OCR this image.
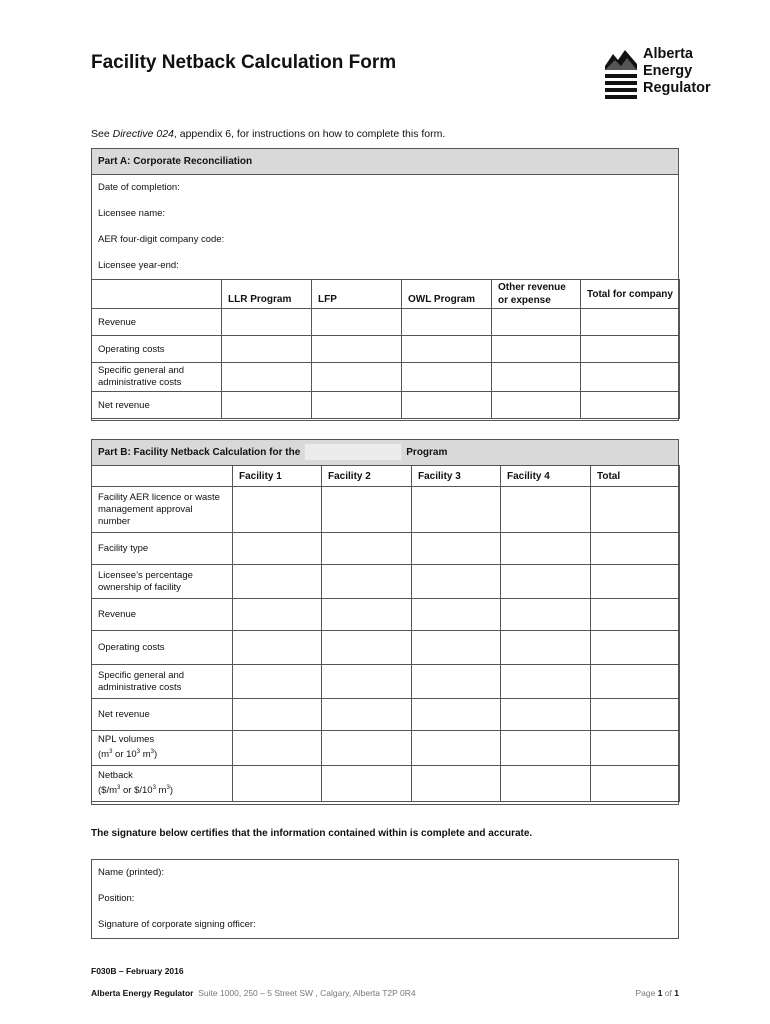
Facility Netback Calculation Form	Alberta
Energy
Regulator
See Directive 024, appendix 6, for instructions on how to complete this form.
Part A: Corporate Reconciliation
Date of completion:
Licensee name:
AER four-digit company code:
Licensee year-end:
	LLR Program	LFP	OWL Program	Other revenue or expense	Total for company
Revenue					
Operating costs					
Specific general and administrative costs					
Net revenue					
Part B: Facility Netback Calculation for the	Program
	Facility 1	Facility 2	Facility 3	Facility 4	Total
Facility AER licence or waste management approval number					
Facility type					
Licensee’s percentage ownership of facility					
Revenue					
Operating costs					
Specific general and administrative costs					
Net revenue					

NPL volumes
($m^3$ or $10^3$ $m^3$)					

Netback
($\$/m^3$ or $\$/10^3$ $m^3$)					

The signature below certifies that the information contained within is complete and accurate.
Name (printed):
Position:
Signature of corporate signing officer:
F030B – February 2016
Alberta Energy Regulator Suite 1000, 250 – 5 Street SW , Calgary, Alberta T2P 0R4	Page 1 of 1
